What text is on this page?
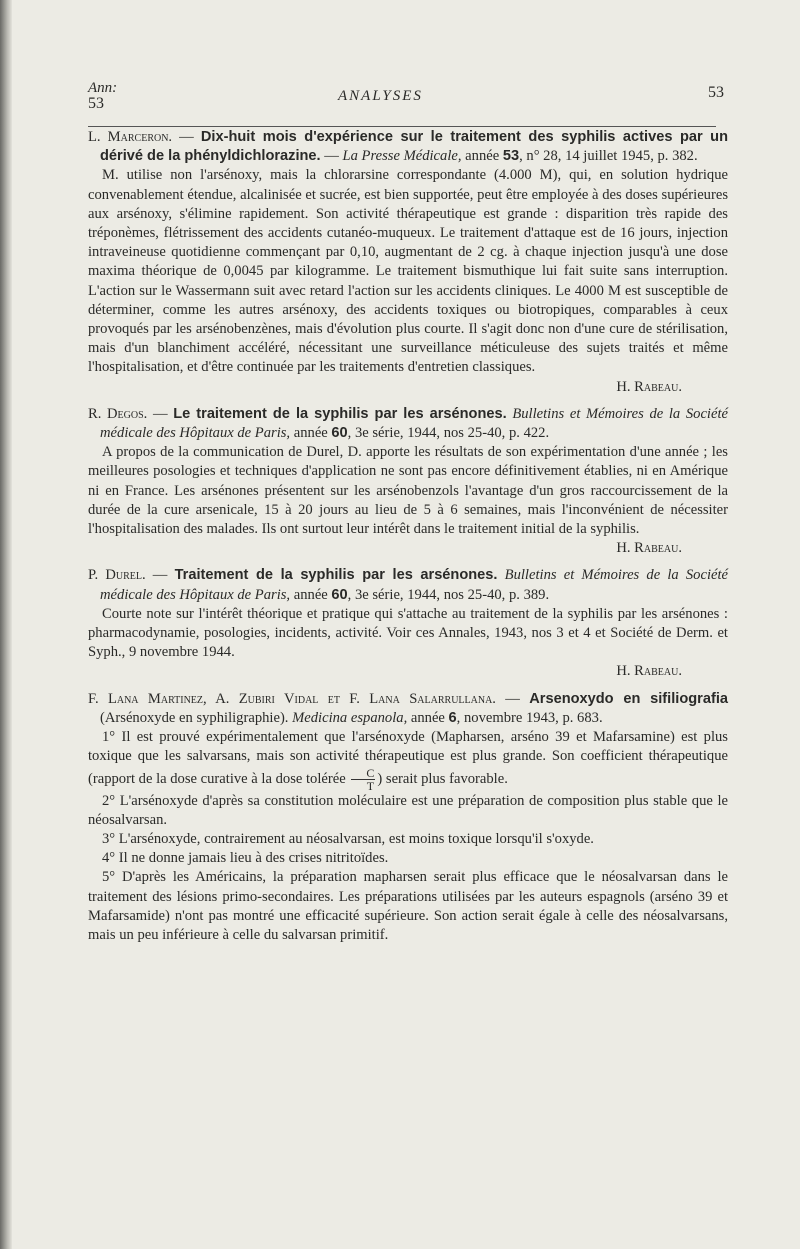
Ann:
53	ANALYSES	53

L. Marceron. — Dix-huit mois d'expérience sur le traitement des syphilis actives par un dérivé de la phényldichlorazine. — La Presse Médicale, année 53, n° 28, 14 juillet 1945, p. 382.

M. utilise non l'arsénoxy, mais la chlorarsine correspondante (4.000 M), qui, en solution hydrique convenablement étendue, alcalinisée et sucrée, est bien supportée, peut être employée à des doses supérieures aux arsénoxy, s'élimine rapidement. Son activité thérapeutique est grande : disparition très rapide des tréponèmes, flétrissement des accidents cutanéo-muqueux. Le traitement d'attaque est de 16 jours, injection intraveineuse quotidienne commençant par 0,10, augmentant de 2 cg. à chaque injection jusqu'à une dose maxima théorique de 0,0045 par kilogramme. Le traitement bismuthique lui fait suite sans interruption. L'action sur le Wassermann suit avec retard l'action sur les accidents cliniques. Le 4000 M est susceptible de déterminer, comme les autres arsénoxy, des accidents toxiques ou biotropiques, comparables à ceux provoqués par les arsénobenzènes, mais d'évolution plus courte. Il s'agit donc non d'une cure de stérilisation, mais d'un blanchiment accéléré, nécessitant une surveillance méticuleuse des sujets traités et même l'hospitalisation, et d'être continuée par les traitements d'entretien classiques.

H. Rabeau.

R. Degos. — Le traitement de la syphilis par les arsénones. Bulletins et Mémoires de la Société médicale des Hôpitaux de Paris, année 60, 3e série, 1944, nos 25-40, p. 422.

A propos de la communication de Durel, D. apporte les résultats de son expérimentation d'une année ; les meilleures posologies et techniques d'application ne sont pas encore définitivement établies, ni en Amérique ni en France. Les arsénones présentent sur les arsénobenzols l'avantage d'un gros raccourcissement de la durée de la cure arsenicale, 15 à 20 jours au lieu de 5 à 6 semaines, mais l'inconvénient de nécessiter l'hospitalisation des malades. Ils ont surtout leur intérêt dans le traitement initial de la syphilis.

H. Rabeau.

P. Durel. — Traitement de la syphilis par les arsénones. Bulletins et Mémoires de la Société médicale des Hôpitaux de Paris, année 60, 3e série, 1944, nos 25-40, p. 389.

Courte note sur l'intérêt théorique et pratique qui s'attache au traitement de la syphilis par les arsénones : pharmacodynamie, posologies, incidents, activité. Voir ces Annales, 1943, nos 3 et 4 et Société de Derm. et Syph., 9 novembre 1944.

H. Rabeau.

F. Lana Martinez, A. Zubiri Vidal et F. Lana Salarrullana. — Arsenoxydo en sifiliografia (Arsénoxyde en syphiligraphie). Medicina espanola, année 6, novembre 1943, p. 683.

1° Il est prouvé expérimentalement que l'arsénoxyde (Mapharsen, arséno 39 et Mafarsamine) est plus toxique que les salvarsans, mais son activité thérapeutique est plus grande. Son coefficient thérapeutique (rapport de la dose curative à la dose tolérée $\frac{C}{T}$ ) serait plus favorable.

2° L'arsénoxyde d'après sa constitution moléculaire est une préparation de composition plus stable que le néosalvarsan.

3° L'arsénoxyde, contrairement au néosalvarsan, est moins toxique lorsqu'il s'oxyde.

4° Il ne donne jamais lieu à des crises nitritoïdes.

5° D'après les Américains, la préparation mapharsen serait plus efficace que le néosalvarsan dans le traitement des lésions primo-secondaires. Les préparations utilisées par les auteurs espagnols (arséno 39 et Mafarsamide) n'ont pas montré une efficacité supérieure. Son action serait égale à celle des néosalvarsans, mais un peu inférieure à celle du salvarsan primitif.
